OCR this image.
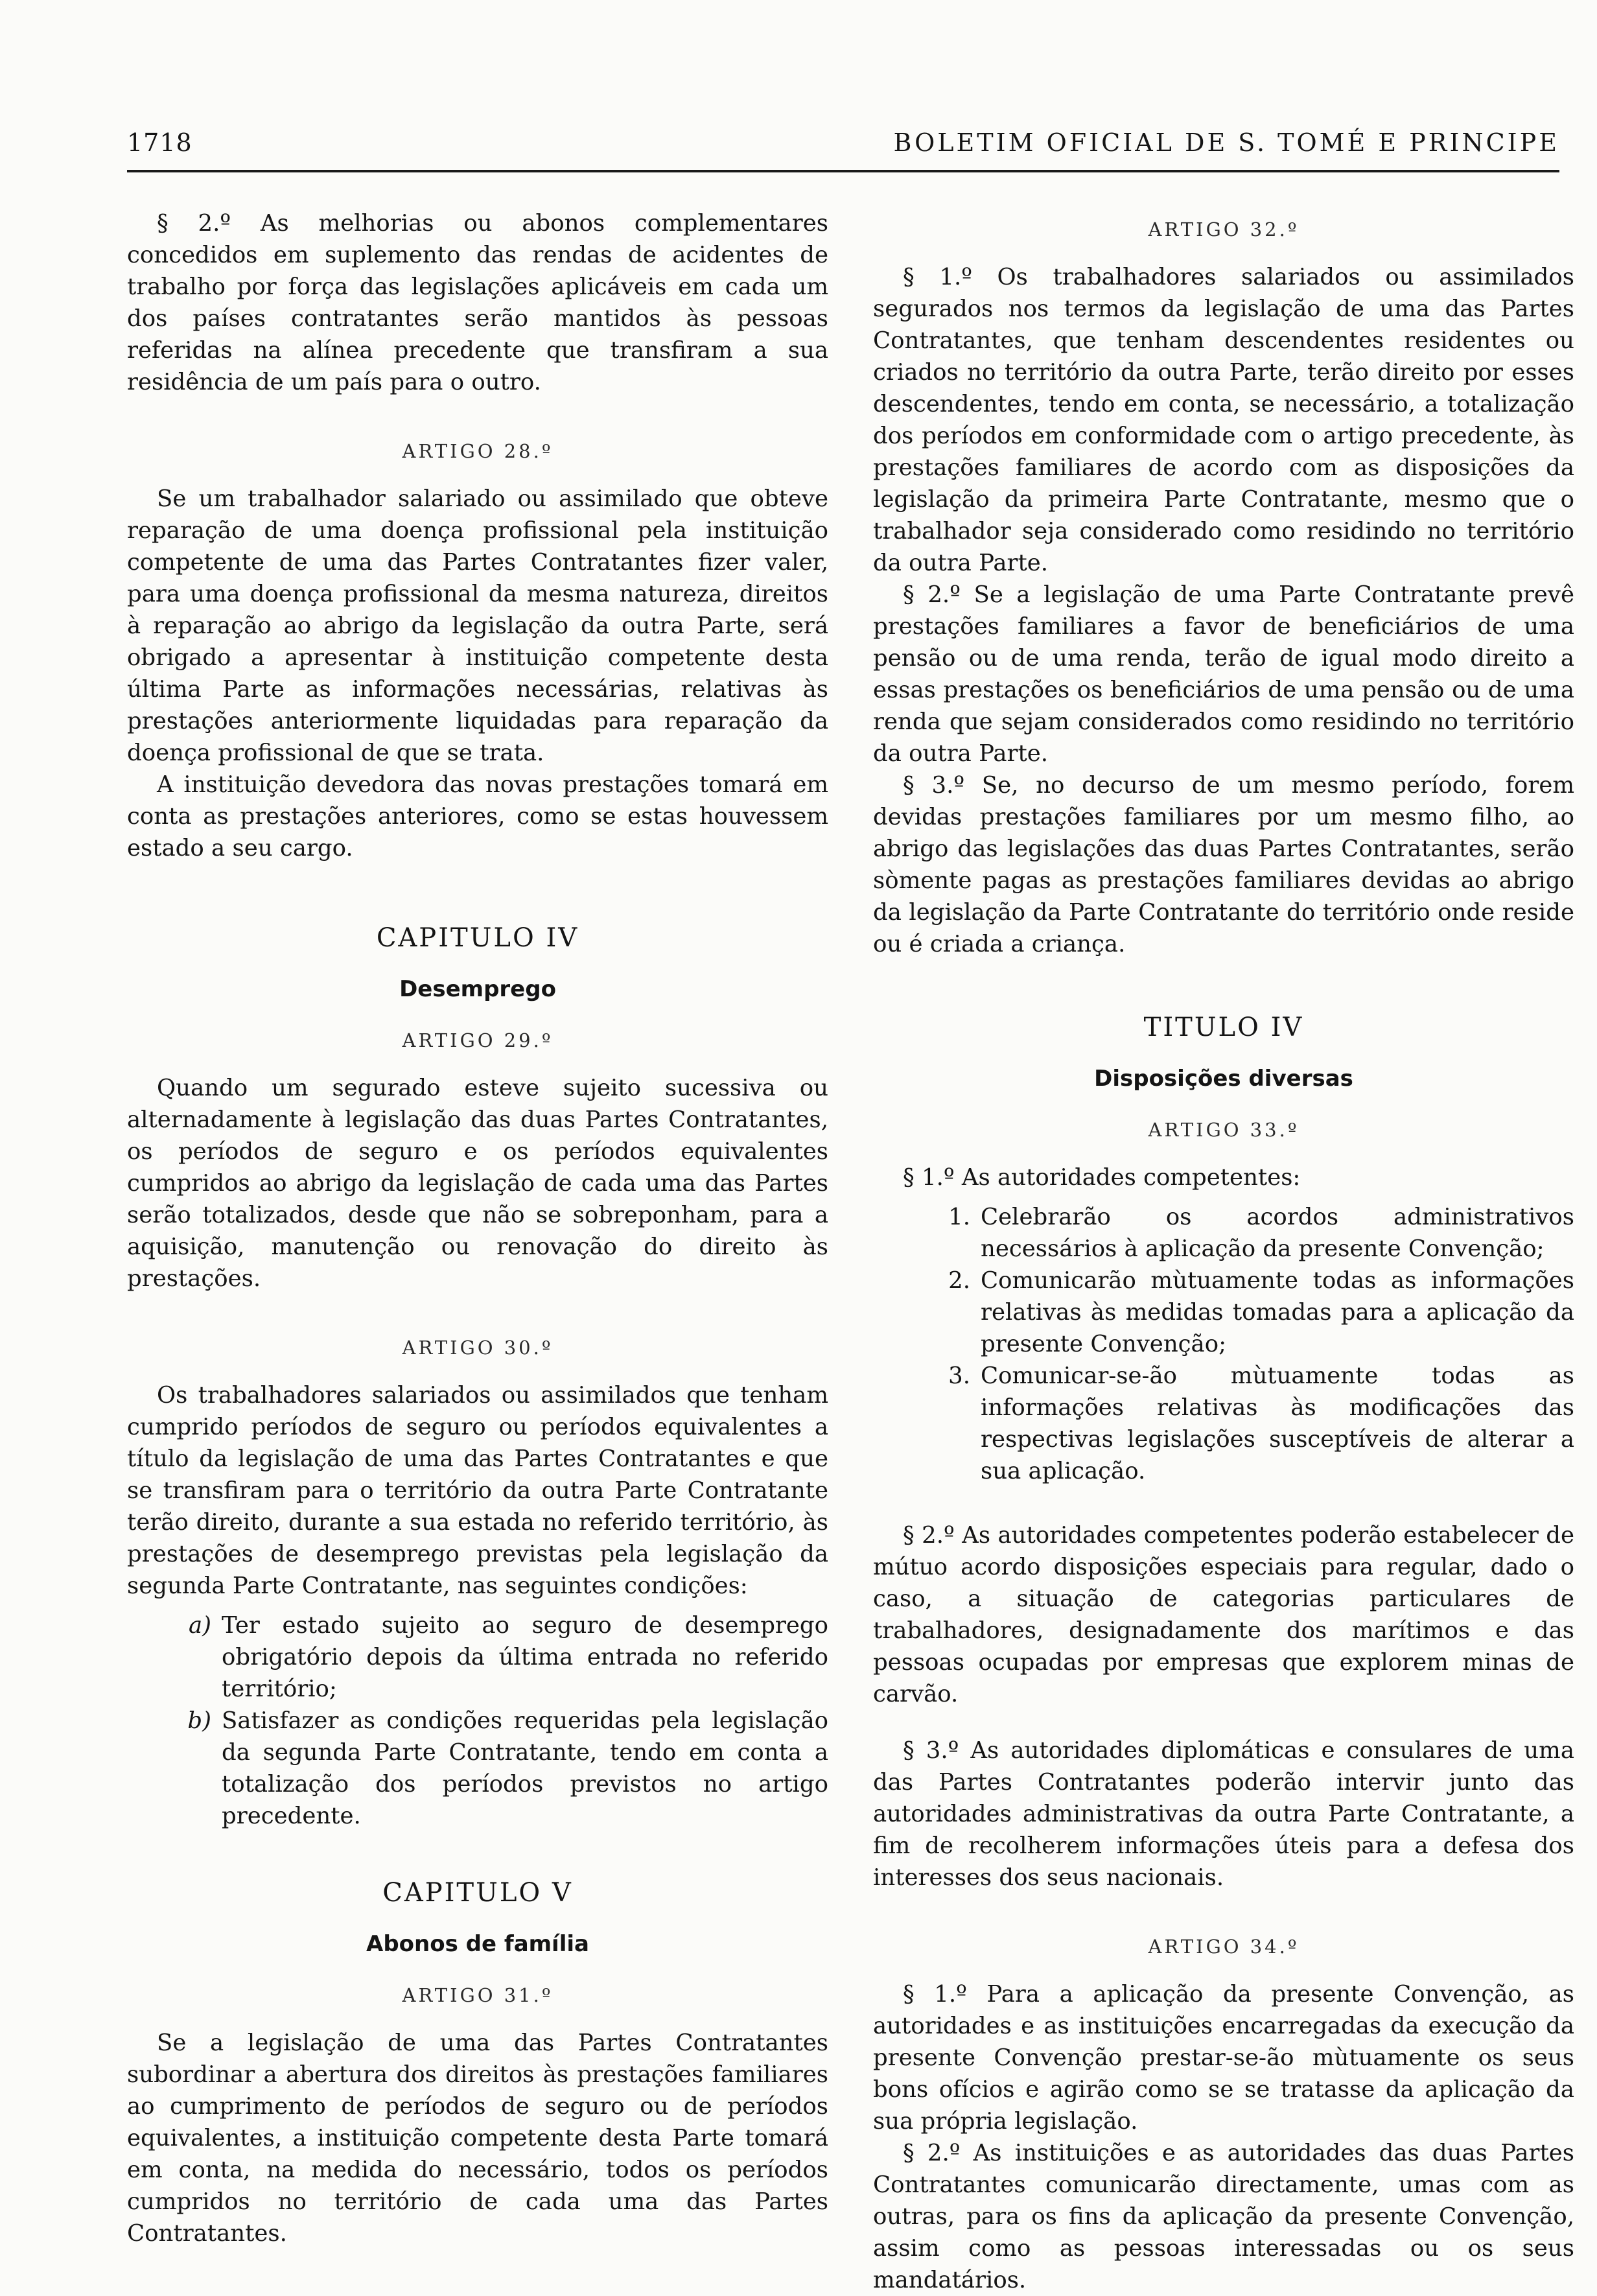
1718	BOLETIM OFICIAL DE S. TOMÉ E PRINCIPE

§ 2.º As melhorias ou abonos complementares concedidos em suplemento das rendas de acidentes de trabalho por força das legislações aplicáveis em cada um dos países contratantes serão mantidos às pessoas referidas na alínea precedente que transfiram a sua residência de um país para o outro.

ARTIGO 28.º

Se um trabalhador salariado ou assimilado que obteve reparação de uma doença profissional pela instituição competente de uma das Partes Contratantes fizer valer, para uma doença profissional da mesma natureza, direitos à reparação ao abrigo da legislação da outra Parte, será obrigado a apresentar à instituição competente desta última Parte as informações necessárias, relativas às prestações anteriormente liquidadas para reparação da doença profissional de que se trata.

A instituição devedora das novas prestações tomará em conta as prestações anteriores, como se estas houvessem estado a seu cargo.

CAPITULO IV
Desemprego
ARTIGO 29.º

Quando um segurado esteve sujeito sucessiva ou alternadamente à legislação das duas Partes Contratantes, os períodos de seguro e os períodos equivalentes cumpridos ao abrigo da legislação de cada uma das Partes serão totalizados, desde que não se sobreponham, para a aquisição, manutenção ou renovação do direito às prestações.

ARTIGO 30.º

Os trabalhadores salariados ou assimilados que tenham cumprido períodos de seguro ou períodos equivalentes a título da legislação de uma das Partes Contratantes e que se transfiram para o território da outra Parte Contratante terão direito, durante a sua estada no referido território, às prestações de desemprego previstas pela legislação da segunda Parte Contratante, nas seguintes condições:

a) Ter estado sujeito ao seguro de desemprego obrigatório depois da última entrada no referido território;
b) Satisfazer as condições requeridas pela legislação da segunda Parte Contratante, tendo em conta a totalização dos períodos previstos no artigo precedente.
CAPITULO V
Abonos de família
ARTIGO 31.º

Se a legislação de uma das Partes Contratantes subordinar a abertura dos direitos às prestações familiares ao cumprimento de períodos de seguro ou de períodos equivalentes, a instituição competente desta Parte tomará em conta, na medida do necessário, todos os períodos cumpridos no território de cada uma das Partes Contratantes.

ARTIGO 32.º

§ 1.º Os trabalhadores salariados ou assimilados segurados nos termos da legislação de uma das Partes Contratantes, que tenham descendentes residentes ou criados no território da outra Parte, terão direito por esses descendentes, tendo em conta, se necessário, a totalização dos períodos em conformidade com o artigo precedente, às prestações familiares de acordo com as disposições da legislação da primeira Parte Contratante, mesmo que o trabalhador seja considerado como residindo no território da outra Parte.

§ 2.º Se a legislação de uma Parte Contratante prevê prestações familiares a favor de beneficiários de uma pensão ou de uma renda, terão de igual modo direito a essas prestações os beneficiários de uma pensão ou de uma renda que sejam considerados como residindo no território da outra Parte.

§ 3.º Se, no decurso de um mesmo período, forem devidas prestações familiares por um mesmo filho, ao abrigo das legislações das duas Partes Contratantes, serão sòmente pagas as prestações familiares devidas ao abrigo da legislação da Parte Contratante do território onde reside ou é criada a criança.

TITULO IV
Disposições diversas
ARTIGO 33.º

§ 1.º As autoridades competentes:

1. Celebrarão os acordos administrativos necessários à aplicação da presente Convenção;
2. Comunicarão mùtuamente todas as informações relativas às medidas tomadas para a aplicação da presente Convenção;
3. Comunicar-se-ão mùtuamente todas as informações relativas às modificações das respectivas legislações susceptíveis de alterar a sua aplicação.

§ 2.º As autoridades competentes poderão estabelecer de mútuo acordo disposições especiais para regular, dado o caso, a situação de categorias particulares de trabalhadores, designadamente dos marítimos e das pessoas ocupadas por empresas que explorem minas de carvão.

§ 3.º As autoridades diplomáticas e consulares de uma das Partes Contratantes poderão intervir junto das autoridades administrativas da outra Parte Contratante, a fim de recolherem informações úteis para a defesa dos interesses dos seus nacionais.

ARTIGO 34.º

§ 1.º Para a aplicação da presente Convenção, as autoridades e as instituições encarregadas da execução da presente Convenção prestar-se-ão mùtuamente os seus bons ofícios e agirão como se se tratasse da aplicação da sua própria legislação.

§ 2.º As instituições e as autoridades das duas Partes Contratantes comunicarão directamente, umas com as outras, para os fins da aplicação da presente Convenção, assim como as pessoas interessadas ou os seus mandatários.
